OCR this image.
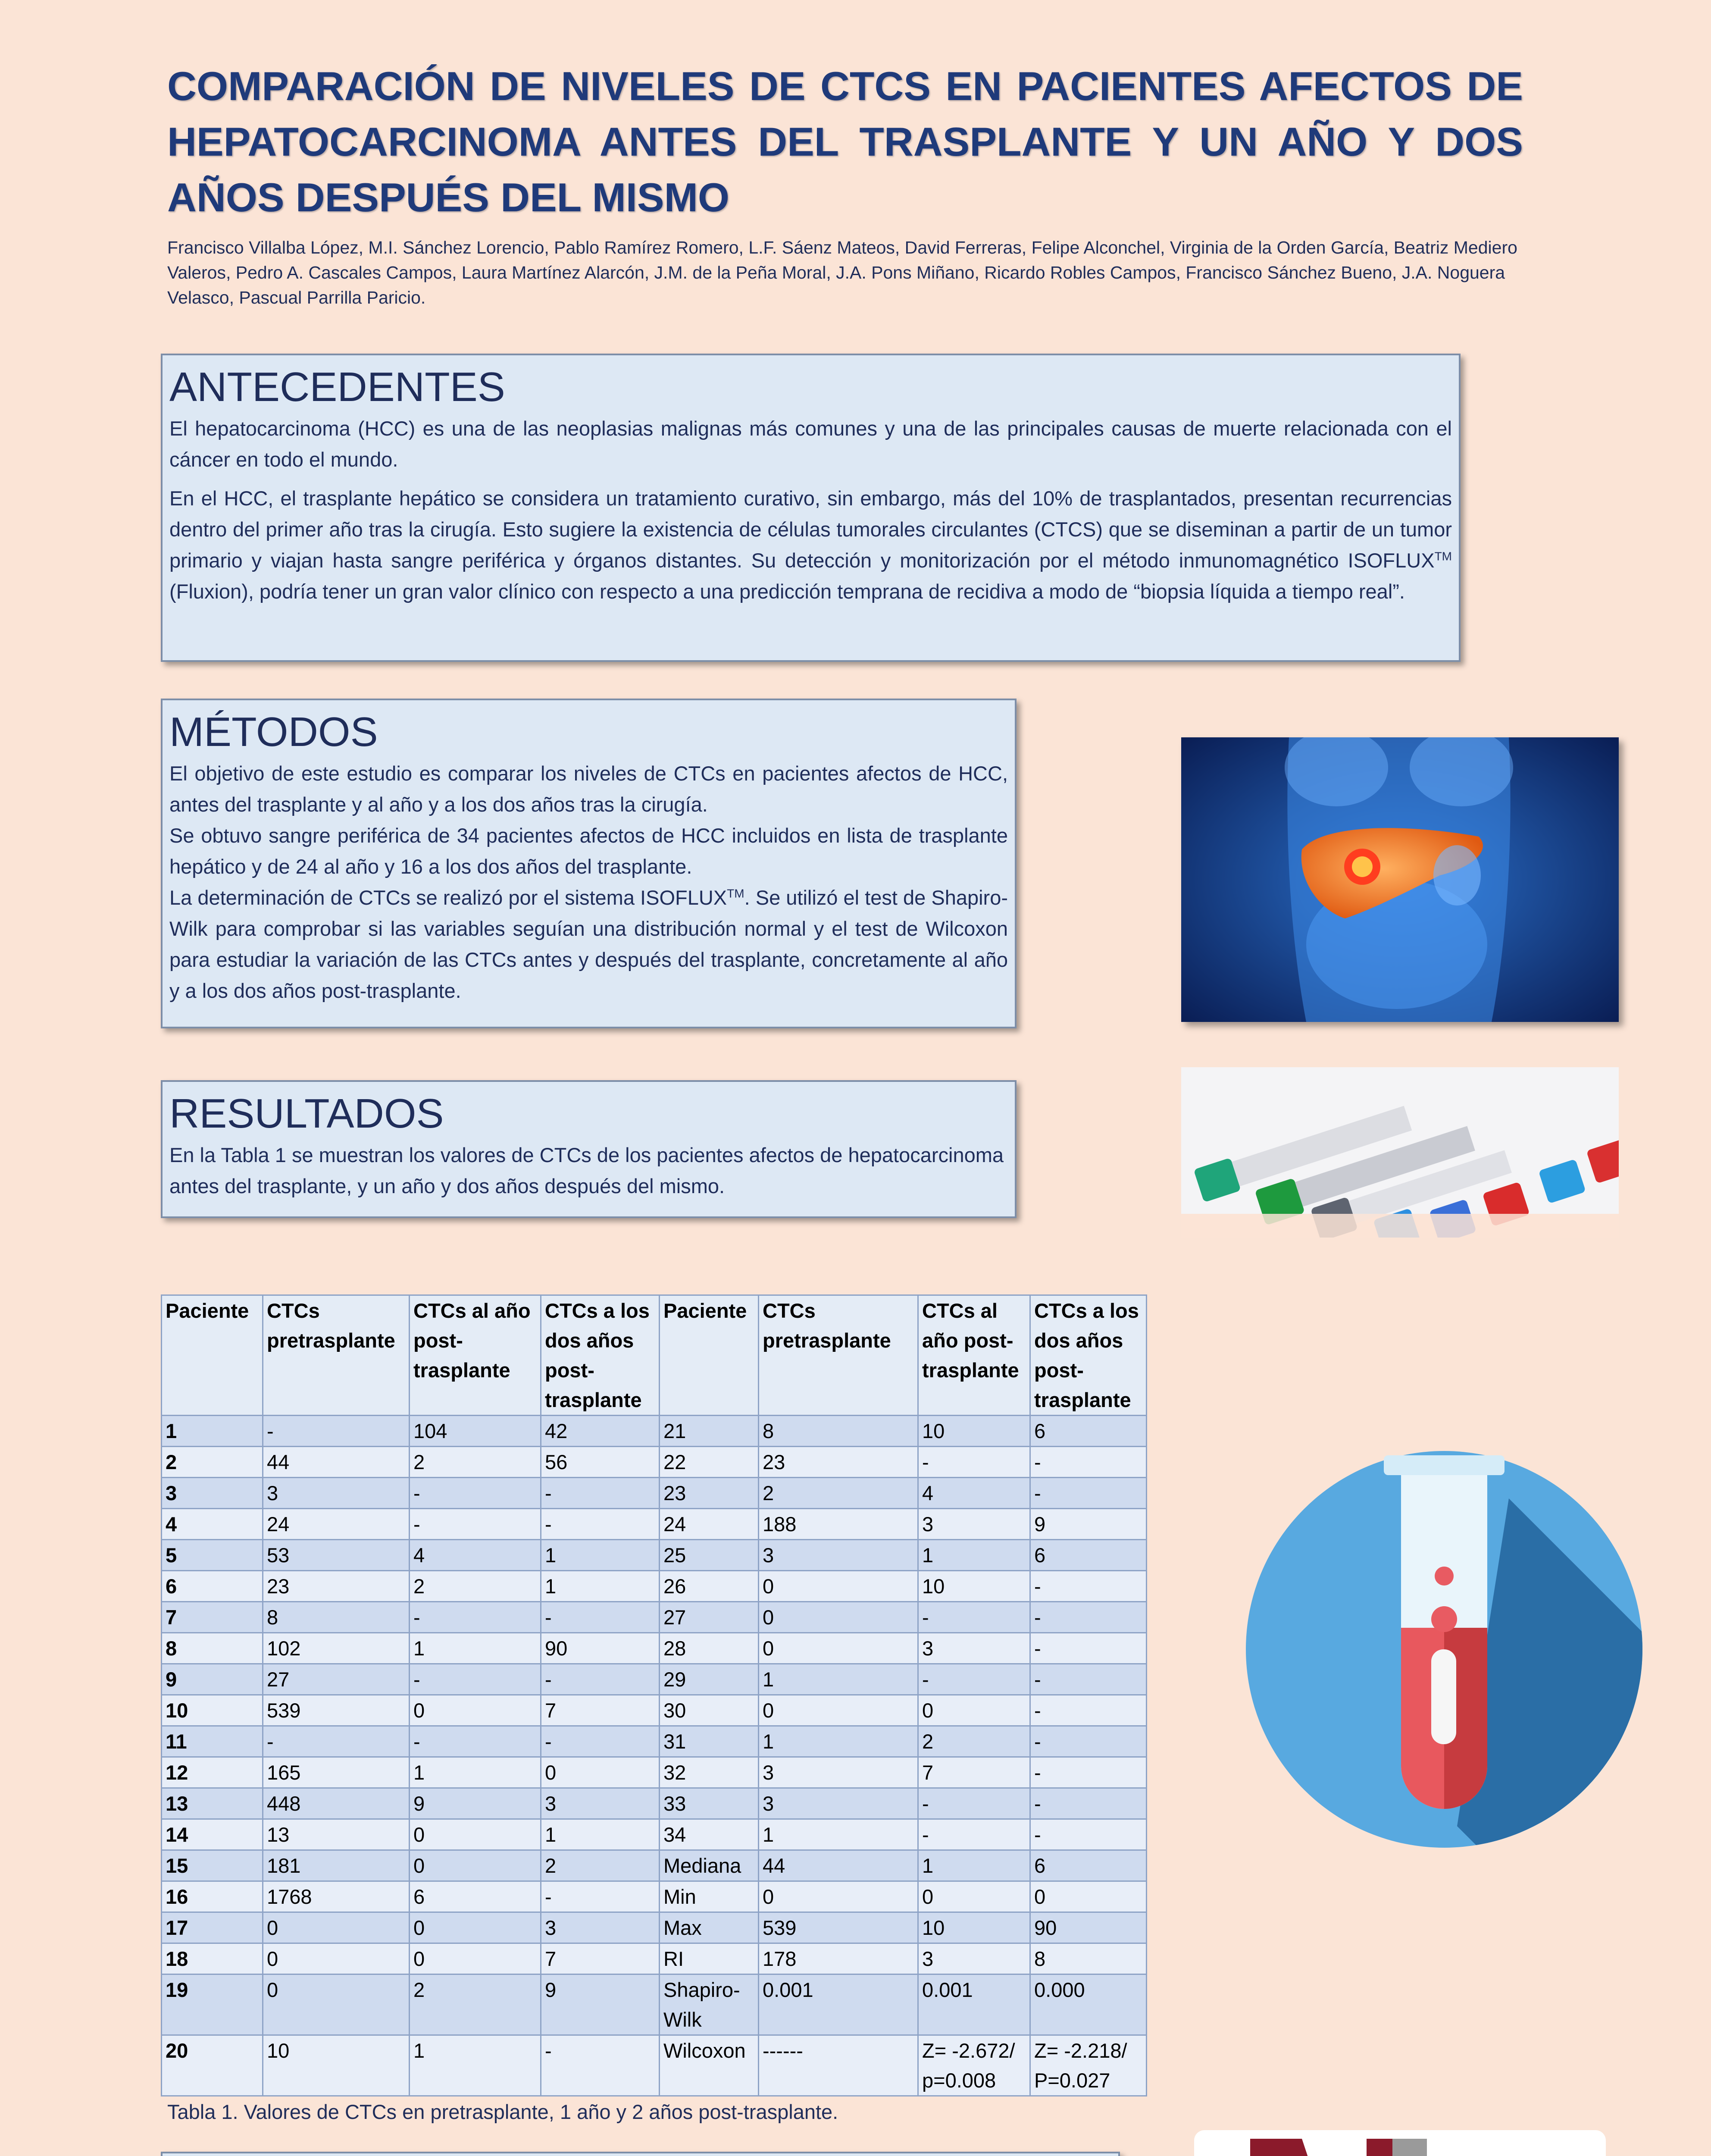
COMPARACIÓN DE NIVELES DE CTCS EN PACIENTES AFECTOS DE HEPATOCARCINOMA ANTES DEL TRASPLANTE Y UN AÑO Y DOS AÑOS DESPUÉS DEL MISMO
Francisco Villalba López, M.I. Sánchez Lorencio, Pablo Ramírez Romero, L.F. Sáenz Mateos, David Ferreras, Felipe Alconchel, Virginia de la Orden García, Beatriz Mediero Valeros, Pedro A. Cascales Campos, Laura Martínez Alarcón, J.M. de la Peña Moral, J.A. Pons Miñano, Ricardo Robles Campos, Francisco Sánchez Bueno, J.A. Noguera Velasco, Pascual Parrilla Paricio.
ANTECEDENTES

El hepatocarcinoma (HCC) es una de las neoplasias malignas más comunes y una de las principales causas de muerte relacionada con el cáncer en todo el mundo.

En el HCC, el trasplante hepático se considera un tratamiento curativo, sin embargo, más del 10% de trasplantados, presentan recurrencias dentro del primer año tras la cirugía. Esto sugiere la existencia de células tumorales circulantes (CTCS) que se diseminan a partir de un tumor primario y viajan hasta sangre periférica y órganos distantes. Su detección y monitorización por el método inmunomagnético ISOFLUX™ (Fluxion), podría tener un gran valor clínico con respecto a una predicción temprana de recidiva a modo de “biopsia líquida a tiempo real”.

MÉTODOS

El objetivo de este estudio es comparar los niveles de CTCs en pacientes afectos de HCC, antes del trasplante y al año y a los dos años tras la cirugía.

Se obtuvo sangre periférica de 34 pacientes afectos de HCC incluidos en lista de trasplante hepático y de 24 al año y 16 a los dos años del trasplante.

La determinación de CTCs se realizó por el sistema ISOFLUX™. Se utilizó el test de Shapiro-Wilk para comprobar si las variables seguían una distribución normal y el test de Wilcoxon para estudiar la variación de las CTCs antes y después del trasplante, concretamente al año y a los dos años post-trasplante.

RESULTADOS

En la Tabla 1 se muestran los valores de CTCs de los pacientes afectos de hepatocarcinoma antes del trasplante, y un año y dos años después del mismo.

Paciente	CTCs pretrasplante	CTCs al año post-trasplante	CTCs a los dos años post-trasplante	Paciente	CTCs pretrasplante	CTCs al año post-trasplante	CTCs a los dos años post-trasplante
1	-	104	42	21	8	10	6
2	44	2	56	22	23	-	-
3	3	-	-	23	2	4	-
4	24	-	-	24	188	3	9
5	53	4	1	25	3	1	6
6	23	2	1	26	0	10	-
7	8	-	-	27	0	-	-
8	102	1	90	28	0	3	-
9	27	-	-	29	1	-	-
10	539	0	7	30	0	0	-
11	-	-	-	31	1	2	-
12	165	1	0	32	3	7	-
13	448	9	3	33	3	-	-
14	13	0	1	34	1	-	-
15	181	0	2	Mediana	44	1	6
16	1768	6	-	Min	0	0	0
17	0	0	3	Max	539	10	90
18	0	0	7	RI	178	3	8
19	0	2	9	Shapiro-Wilk	0.001	0.001	0.000
20	10	1	-	Wilcoxon	------	Z= -2.672/ p=0.008	Z= -2.218/ P=0.027
Tabla 1. Valores de CTCs en pretrasplante, 1 año y 2 años post-trasplante.
